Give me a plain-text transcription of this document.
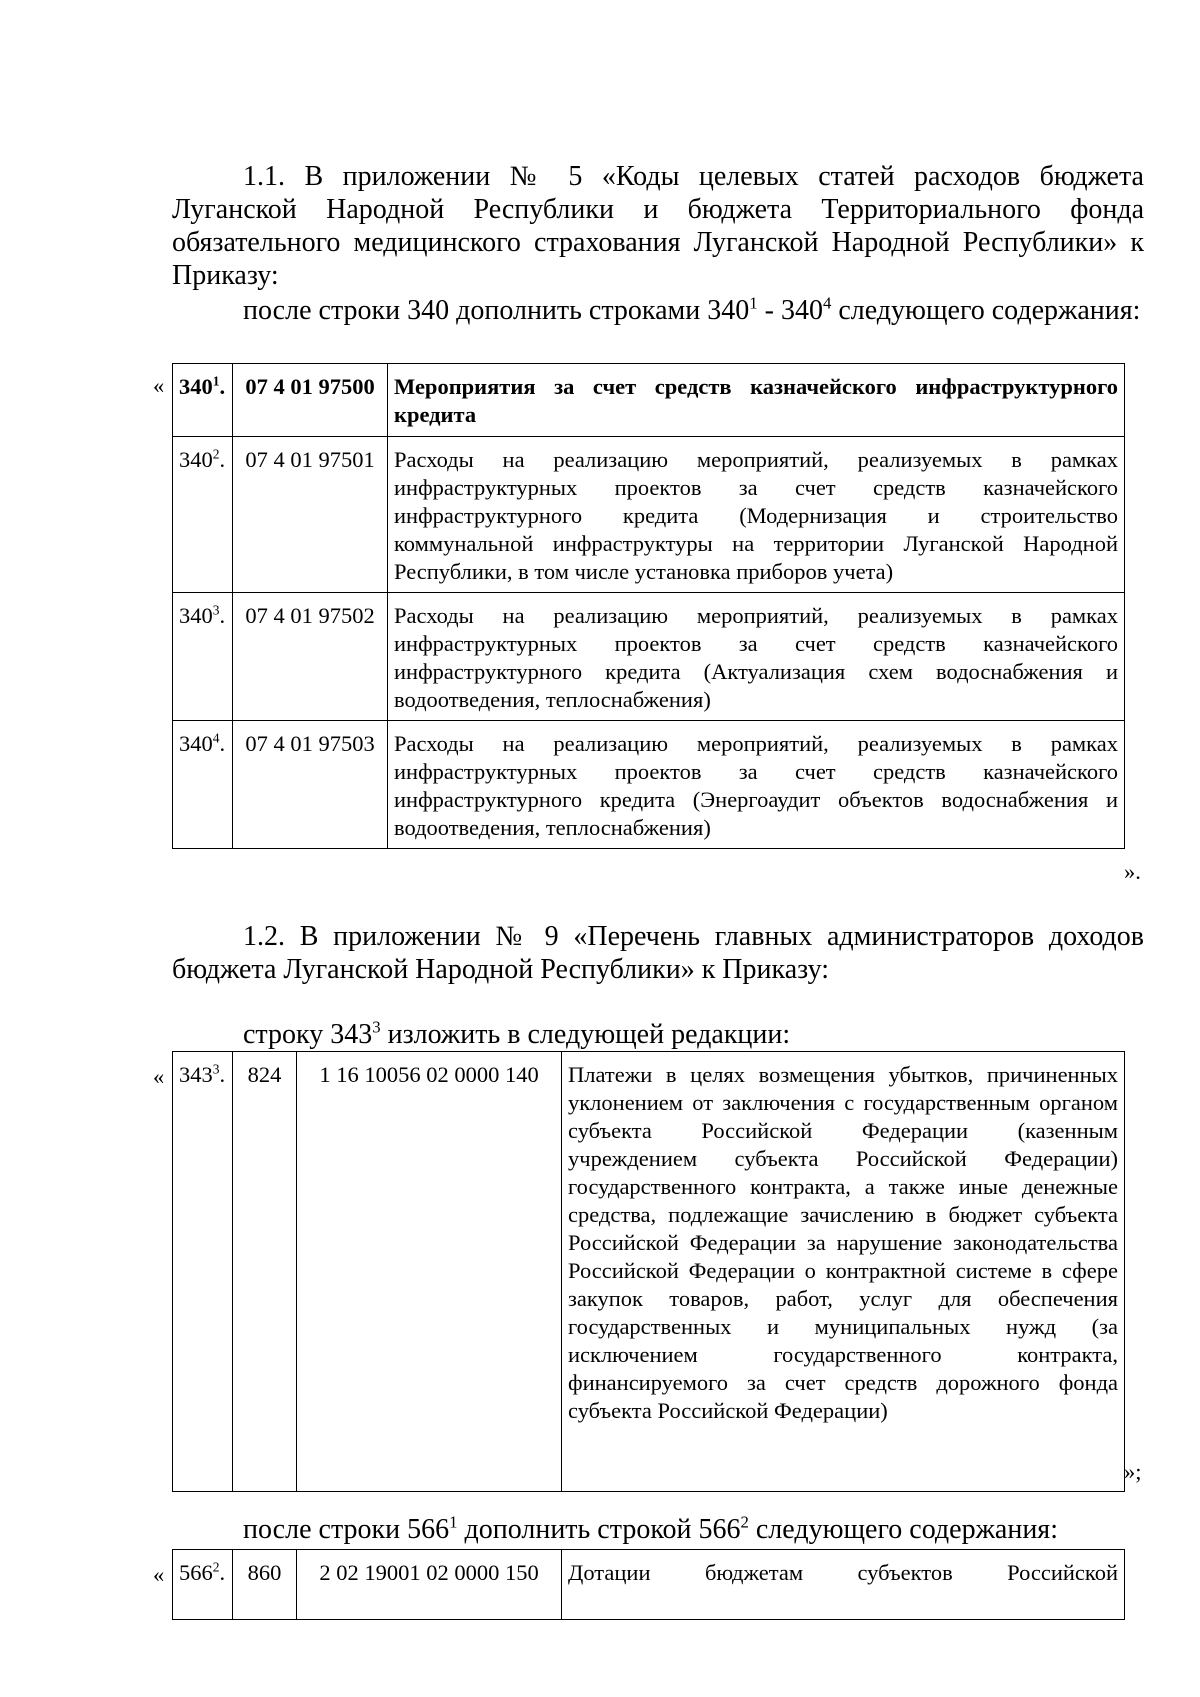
1.1. В приложении № 5 «Коды целевых статей расходов бюджета Луганской Народной Республики и бюджета Территориального фонда обязательного медицинского страхования Луганской Народной Республики» к Приказу:

после строки 340 дополнить строками $340^1 - 340^4$ следующего содержания:

« $340^1$.	07 4 01 97500	Мероприятия за счет средств казначейского инфраструктурного кредита
$340^2$.	07 4 01 97501	Расходы на реализацию мероприятий, реализуемых в рамках инфраструктурных проектов за счет средств казначейского инфраструктурного кредита (Модернизация и строительство коммунальной инфраструктуры на территории Луганской Народной Республики, в том числе установка приборов учета)
$340^3$.	07 4 01 97502	Расходы на реализацию мероприятий, реализуемых в рамках инфраструктурных проектов за счет средств казначейского инфраструктурного кредита (Актуализация схем водоснабжения и водоотведения, теплоснабжения)
$340^4$.	07 4 01 97503	Расходы на реализацию мероприятий, реализуемых в рамках инфраструктурных проектов за счет средств казначейского инфраструктурного кредита (Энергоаудит объектов водоснабжения и водоотведения, теплоснабжения)
».

1.2. В приложении № 9 «Перечень главных администраторов доходов бюджета Луганской Народной Республики» к Приказу:

строку $343^3$ изложить в следующей редакции:

« $343^3$.	824	1 16 10056 02 0000 140	Платежи в целях возмещения убытков, причиненных уклонением от заключения с государственным органом субъекта Российской Федерации (казенным учреждением субъекта Российской Федерации) государственного контракта, а также иные денежные средства, подлежащие зачислению в бюджет субъекта Российской Федерации за нарушение законодательства Российской Федерации о контрактной системе в сфере закупок товаров, работ, услуг для обеспечения государственных и муниципальных нужд (за исключением государственного контракта, финансируемого за счет средств дорожного фонда субъекта Российской Федерации)
»;

после строки $566^1$ дополнить строкой $566^2$ следующего содержания:

« $566^2$.	860	2 02 19001 02 0000 150	Дотации бюджетам субъектов Российской
